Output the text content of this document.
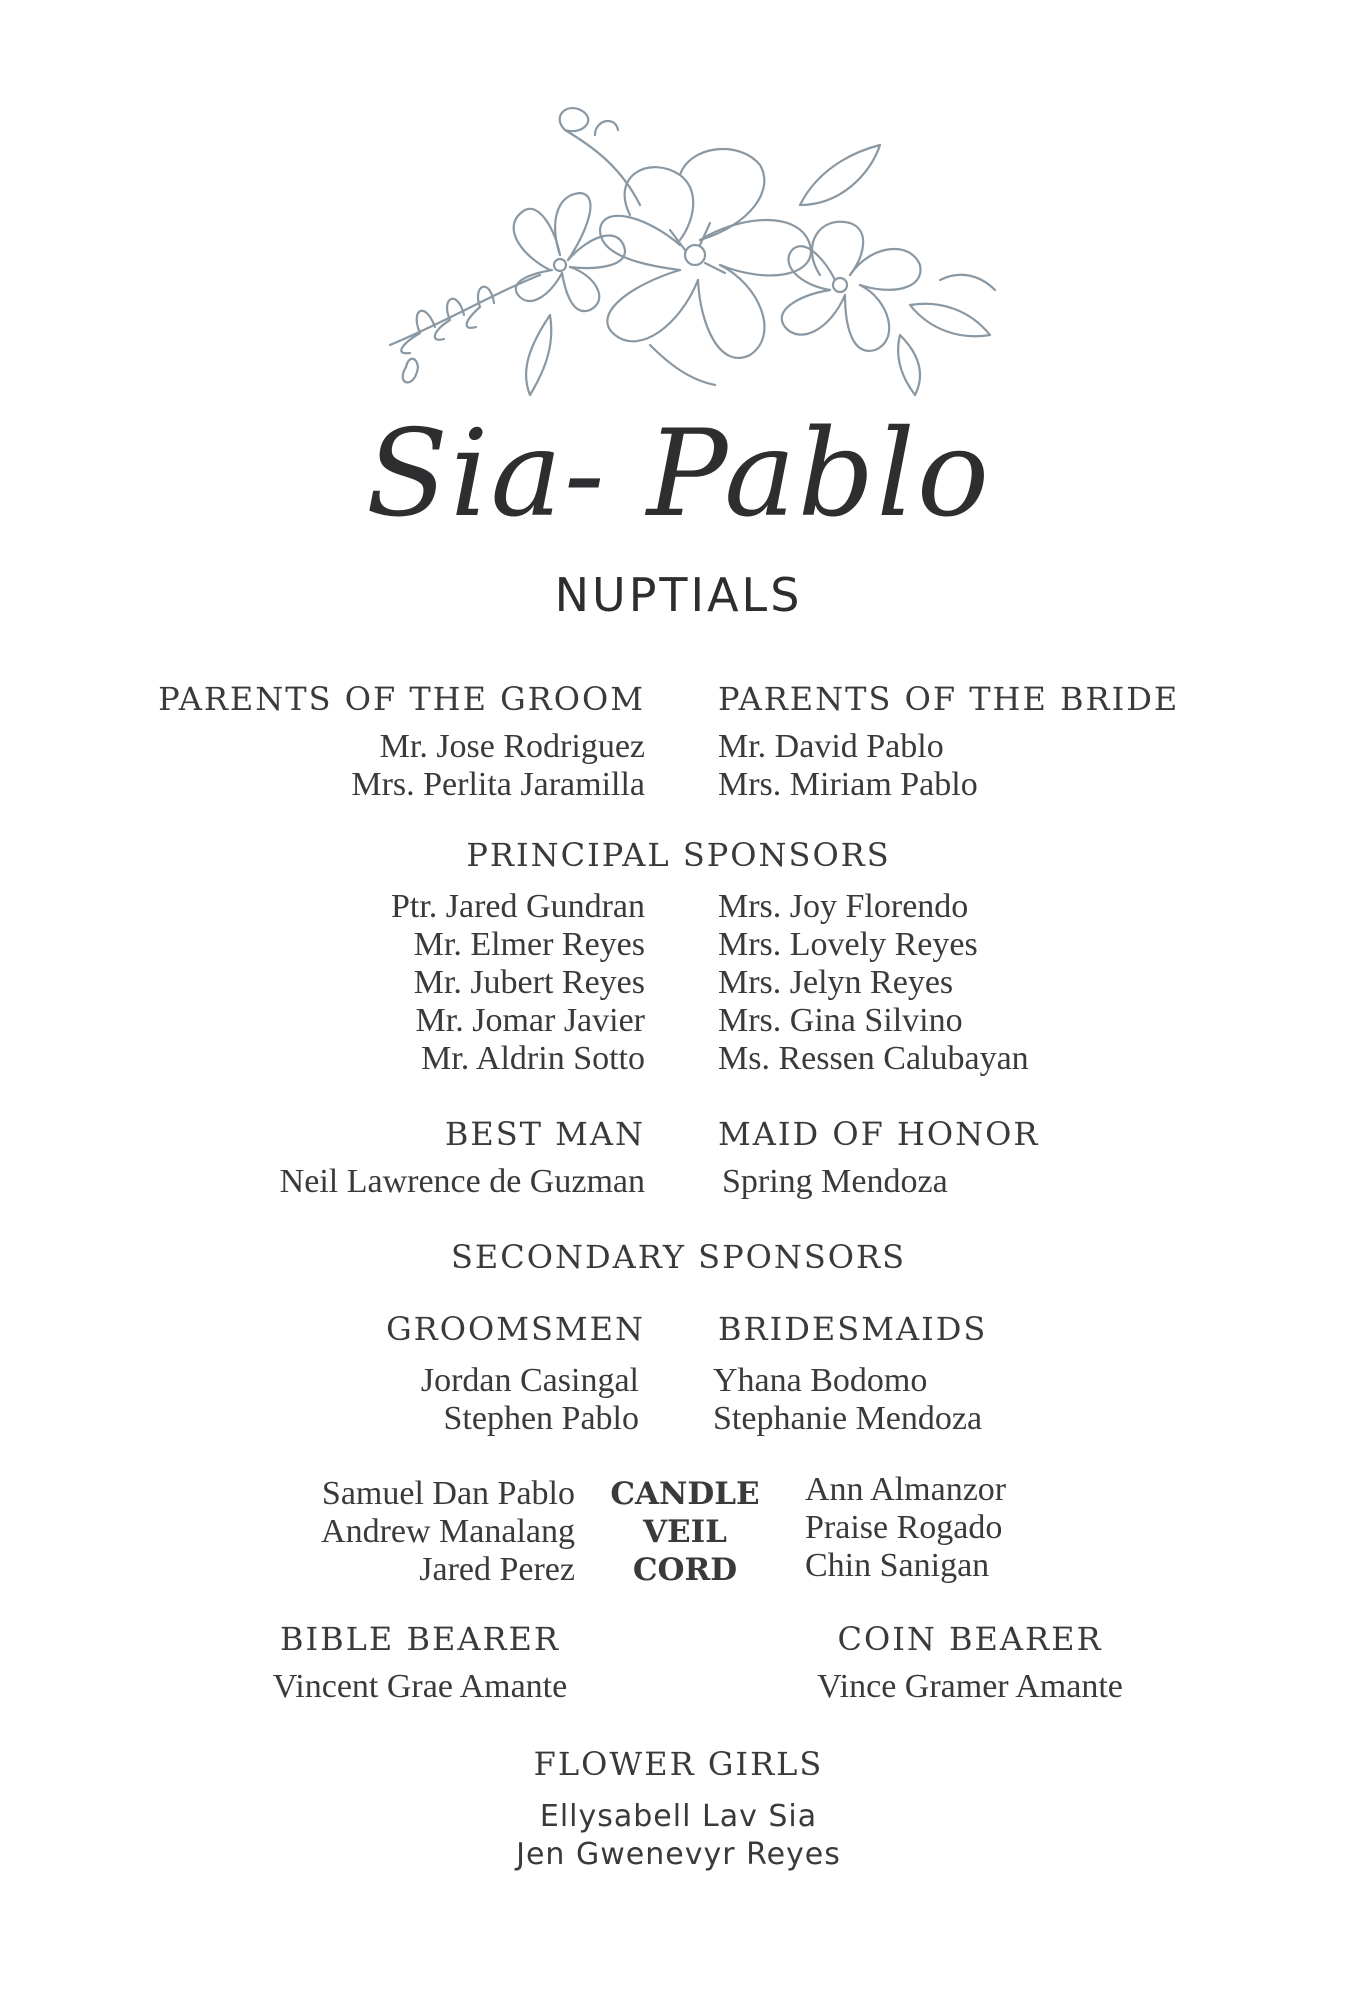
Sia- Pablo
NUPTIALS
PARENTS OF THE GROOM PARENTS OF THE BRIDE
Mr. Jose Rodriguez
Mrs. Perlita Jaramilla
Mr. David Pablo
Mrs. Miriam Pablo
PRINCIPAL SPONSORS
Ptr. Jared Gundran
Mr. Elmer Reyes
Mr. Jubert Reyes
Mr. Jomar Javier
Mr. Aldrin Sotto
Mrs. Joy Florendo
Mrs. Lovely Reyes
Mrs. Jelyn Reyes
Mrs. Gina Silvino
Ms. Ressen Calubayan
BEST MAN MAID OF HONOR
Neil Lawrence de Guzman Spring Mendoza
SECONDARY SPONSORS
GROOMSMEN BRIDESMAIDS
Jordan Casingal
Stephen Pablo
Yhana Bodomo
Stephanie Mendoza
Samuel Dan Pablo
Andrew Manalang
Jared Perez
CANDLE
VEIL
CORD
Ann Almanzor
Praise Rogado
Chin Sanigan
BIBLE BEARER
Vincent Grae Amante
COIN BEARER
Vince Gramer Amante
FLOWER GIRLS
Ellysabell Lav Sia
Jen Gwenevyr Reyes
